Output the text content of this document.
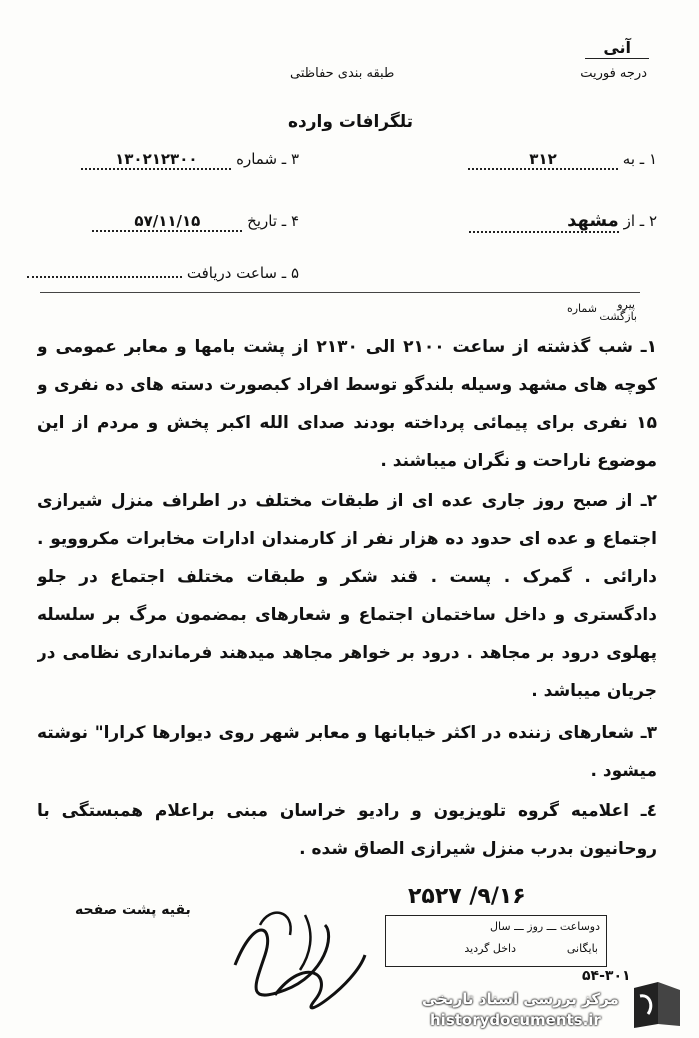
آنی
درجه فوریت
طبقه بندی حفاظتی
تلگرافات وارده
۱ ـ به ۳۱۲
۳ ـ شماره ۱۳۰۲۱۲۳۰۰
۲ ـ از مشهد
۴ ـ تاریخ ۵۷/۱۱/۱۵
۵ ـ ساعت دریافت
پیرو
بازگشت
شماره

۱ـ شب گذشته از ساعت ۲۱۰۰ الی ۲۱۳۰ از پشت بامها و معابر عمومی و کوچه های مشهد وسیله بلندگو توسط افراد کبصورت دسته های ده نفری و ۱۵ نفری برای پیمائی پرداخته بودند صدای الله اکبر پخش و مردم از این موضوع ناراحت و نگران میباشند .

۲ـ از صبح روز جاری عده ای از طبقات مختلف در اطراف منزل شیرازی اجتماع و عده ای حدود ده هزار نفر از کارمندان ادارات مخابرات مکروویو . دارائی . گمرک . پست . قند شکر و طبقات مختلف اجتماع در جلو دادگستری و داخل ساختمان اجتماع و شعارهای بمضمون مرگ بر سلسله پهلوی درود بر مجاهد . درود بر خواهر مجاهد میدهند فرمانداری نظامی در جریان میباشد .

۳ـ شعارهای زننده در اکثر خیابانها و معابر شهر روی دیوارها کرارا" نوشته میشود .

٤ـ اعلامیه گروه تلویزیون و رادیو خراسان مبنی براعلام همبستگی با روحانیون بدرب منزل شیرازی الصاق شده .

بقیه پشت صفحه
۲۵۲۷ /۹/۱۶
دوساعت ـــ روز ـــ سال
بایگانی
داخل گردید
۵۴-۳۰۱
مرکز بررسی اسناد تاریخی
historydocuments.ir
